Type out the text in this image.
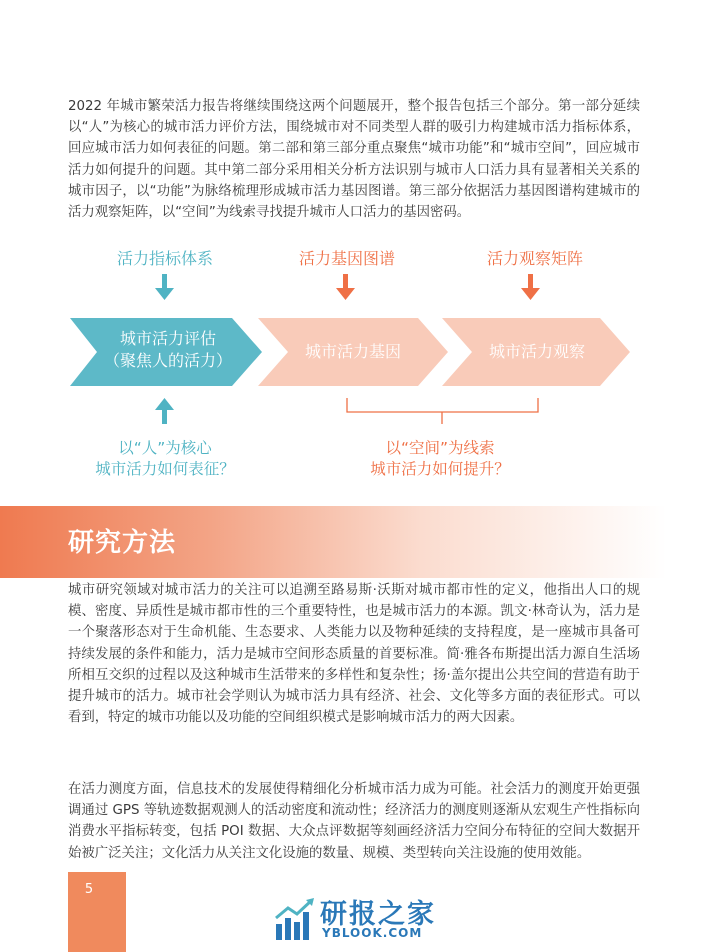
2022 年城市繁荣活力报告将继续围绕这两个问题展开，整个报告包括三个部分。第一部分延续以“人”为核心的城市活力评价方法，围绕城市对不同类型人群的吸引力构建城市活力指标体系，回应城市活力如何表征的问题。第二部和第三部分重点聚焦“城市功能”和“城市空间”，回应城市活力如何提升的问题。其中第二部分采用相关分析方法识别与城市人口活力具有显著相关关系的城市因子，以“功能”为脉络梳理形成城市活力基因图谱。第三部分依据活力基因图谱构建城市的活力观察矩阵，以“空间”为线索寻找提升城市人口活力的基因密码。

活力指标体系	活力基因图谱	活力观察矩阵
城市活力评估
（聚焦人的活力）	城市活力基因	城市活力观察
以“人”为核心
城市活力如何表征？
以“空间”为线索
城市活力如何提升？
研究方法

城市研究领域对城市活力的关注可以追溯至路易斯·沃斯对城市都市性的定义，他指出人口的规模、密度、异质性是城市都市性的三个重要特性，也是城市活力的本源。凯文·林奇认为，活力是一个聚落形态对于生命机能、生态要求、人类能力以及物种延续的支持程度，是一座城市具备可持续发展的条件和能力，活力是城市空间形态质量的首要标准。简·雅各布斯提出活力源自生活场所相互交织的过程以及这种城市生活带来的多样性和复杂性；扬·盖尔提出公共空间的营造有助于提升城市的活力。城市社会学则认为城市活力具有经济、社会、文化等多方面的表征形式。可以看到，特定的城市功能以及功能的空间组织模式是影响城市活力的两大因素。

在活力测度方面，信息技术的发展使得精细化分析城市活力成为可能。社会活力的测度开始更强调通过 GPS 等轨迹数据观测人的活动密度和流动性；经济活力的测度则逐渐从宏观生产性指标向消费水平指标转变，包括 POI 数据、大众点评数据等刻画经济活力空间分布特征的空间大数据开始被广泛关注；文化活力从关注文化设施的数量、规模、类型转向关注设施的使用效能。

5
研报之家
YBLOOK.COM
